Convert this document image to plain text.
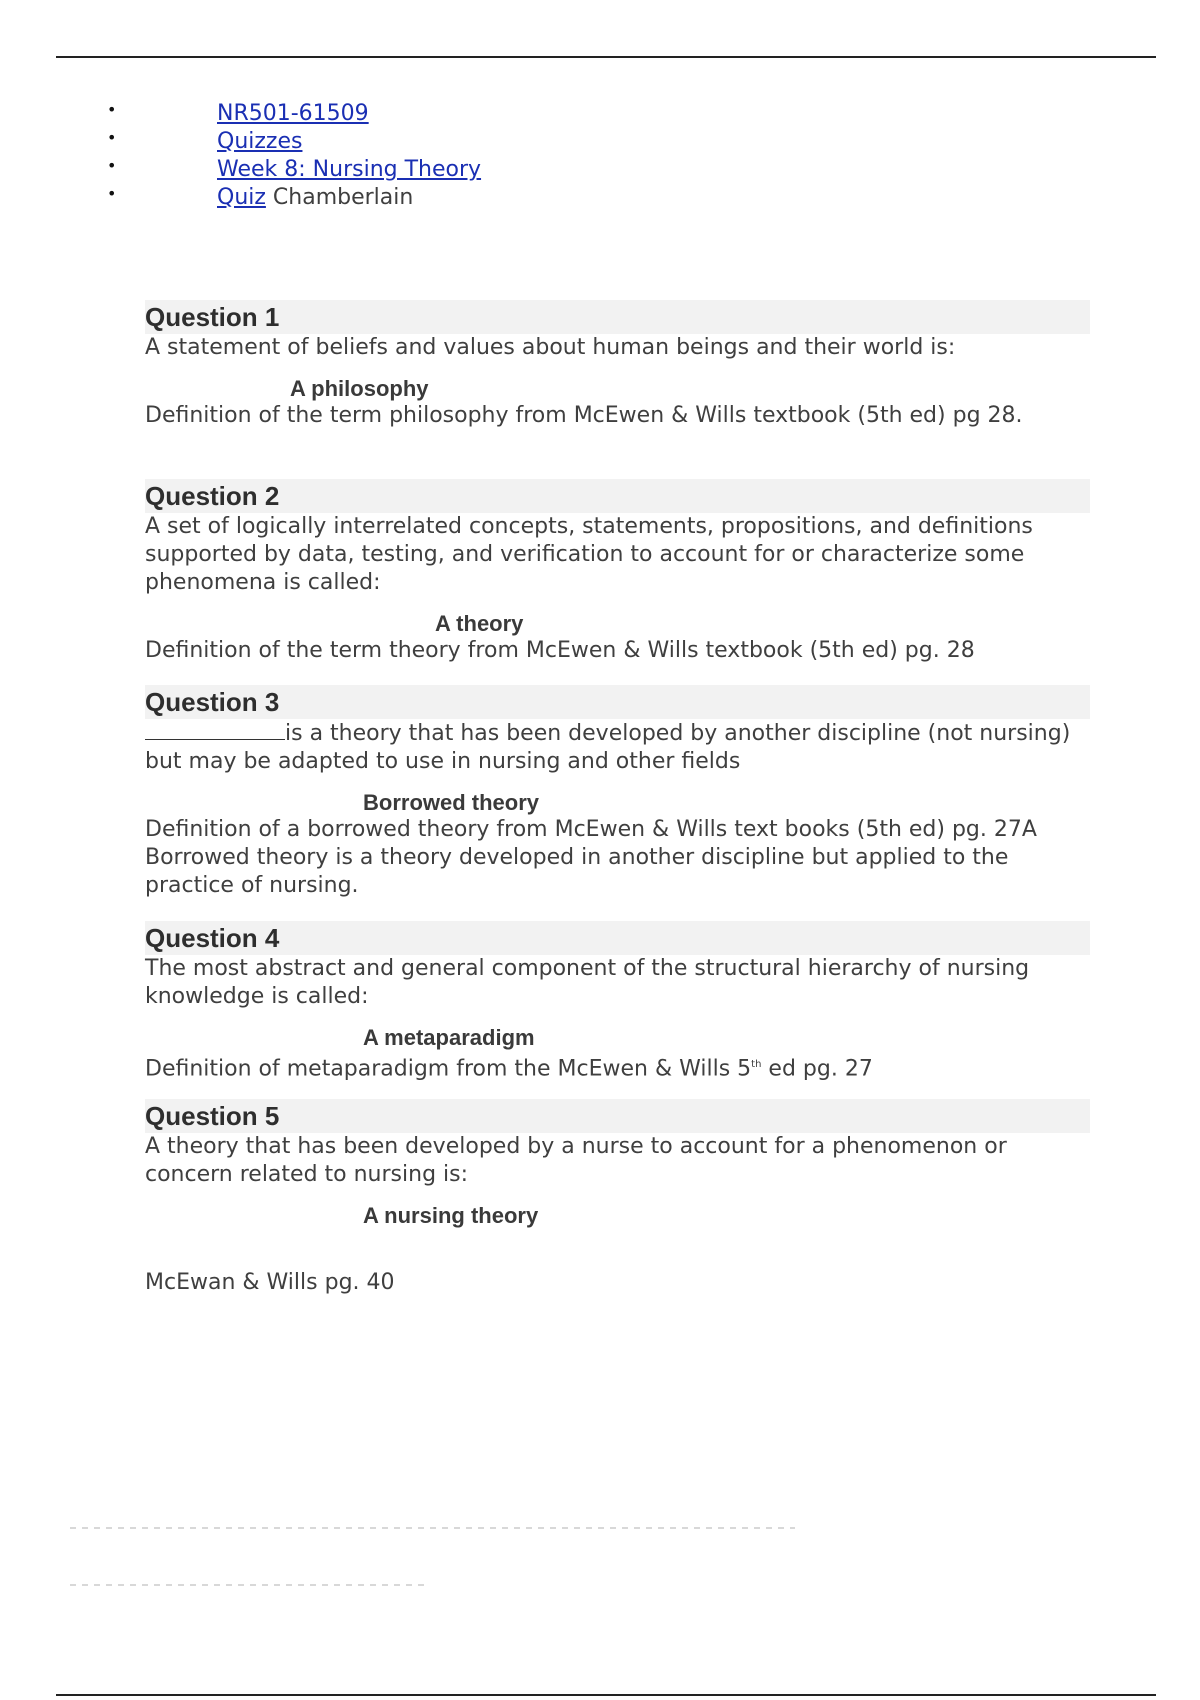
•	NR501-61509
•	Quizzes
•	Week 8: Nursing Theory
•	Quiz Chamberlain
Question 1
A statement of beliefs and values about human beings and their world is:
A philosophy
Definition of the term philosophy from McEwen & Wills textbook (5th ed) pg 28.
Question 2
A set of logically interrelated concepts, statements, propositions, and definitions supported by data, testing, and verification to account for or characterize some phenomena is called:
A theory
Definition of the term theory from McEwen & Wills textbook (5th ed) pg. 28
Question 3
is a theory that has been developed by another discipline (not nursing) but may be adapted to use in nursing and other fields
Borrowed theory
Definition of a borrowed theory from McEwen & Wills text books (5th ed) pg. 27A Borrowed theory is a theory developed in another discipline but applied to the practice of nursing.
Question 4
The most abstract and general component of the structural hierarchy of nursing knowledge is called:
A metaparadigm
Definition of metaparadigm from the McEwen & Wills 5th ed pg. 27
Question 5
A theory that has been developed by a nurse to account for a phenomenon or concern related to nursing is:
A nursing theory
McEwan & Wills pg. 40
